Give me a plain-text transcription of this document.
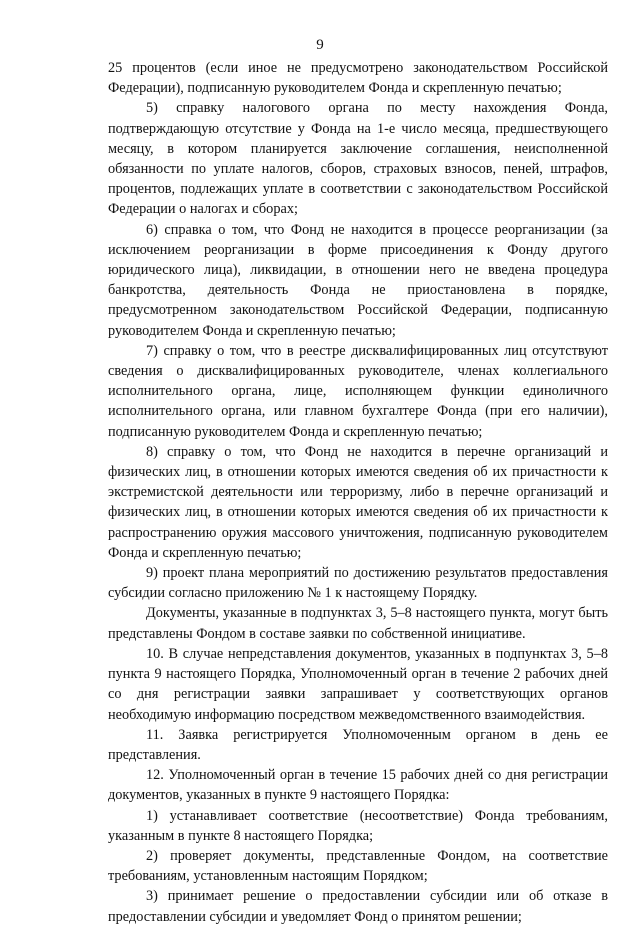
9

25 процентов (если иное не предусмотрено законодательством Российской Федерации), подписанную руководителем Фонда и скрепленную печатью;

5) справку налогового органа по месту нахождения Фонда, подтверждающую отсутствие у Фонда на 1-е число месяца, предшествующего месяцу, в котором планируется заключение соглашения, неисполненной обязанности по уплате налогов, сборов, страховых взносов, пеней, штрафов, процентов, подлежащих уплате в соответствии с законодательством Российской Федерации о налогах и сборах;

6) справка о том, что Фонд не находится в процессе реорганизации (за исключением реорганизации в форме присоединения к Фонду другого юридического лица), ликвидации, в отношении него не введена процедура банкротства, деятельность Фонда не приостановлена в порядке, предусмотренном законодательством Российской Федерации, подписанную руководителем Фонда и скрепленную печатью;

7) справку о том, что в реестре дисквалифицированных лиц отсутствуют сведения о дисквалифицированных руководителе, членах коллегиального исполнительного органа, лице, исполняющем функции единоличного исполнительного органа, или главном бухгалтере Фонда (при его наличии), подписанную руководителем Фонда и скрепленную печатью;

8) справку о том, что Фонд не находится в перечне организаций и физических лиц, в отношении которых имеются сведения об их причастности к экстремистской деятельности или терроризму, либо в перечне организаций и физических лиц, в отношении которых имеются сведения об их причастности к распространению оружия массового уничтожения, подписанную руководителем Фонда и скрепленную печатью;

9) проект плана мероприятий по достижению результатов предоставления субсидии согласно приложению № 1 к настоящему Порядку.

Документы, указанные в подпунктах 3, 5–8 настоящего пункта, могут быть представлены Фондом в составе заявки по собственной инициативе.

10. В случае непредставления документов, указанных в подпунктах 3, 5–8 пункта 9 настоящего Порядка, Уполномоченный орган в течение 2 рабочих дней со дня регистрации заявки запрашивает у соответствующих органов необходимую информацию посредством межведомственного взаимодействия.

11. Заявка регистрируется Уполномоченным органом в день ее представления.

12. Уполномоченный орган в течение 15 рабочих дней со дня регистрации документов, указанных в пункте 9 настоящего Порядка:

1) устанавливает соответствие (несоответствие) Фонда требованиям, указанным в пункте 8 настоящего Порядка;

2) проверяет документы, представленные Фондом, на соответствие требованиям, установленным настоящим Порядком;

3) принимает решение о предоставлении субсидии или об отказе в предоставлении субсидии и уведомляет Фонд о принятом решении;
